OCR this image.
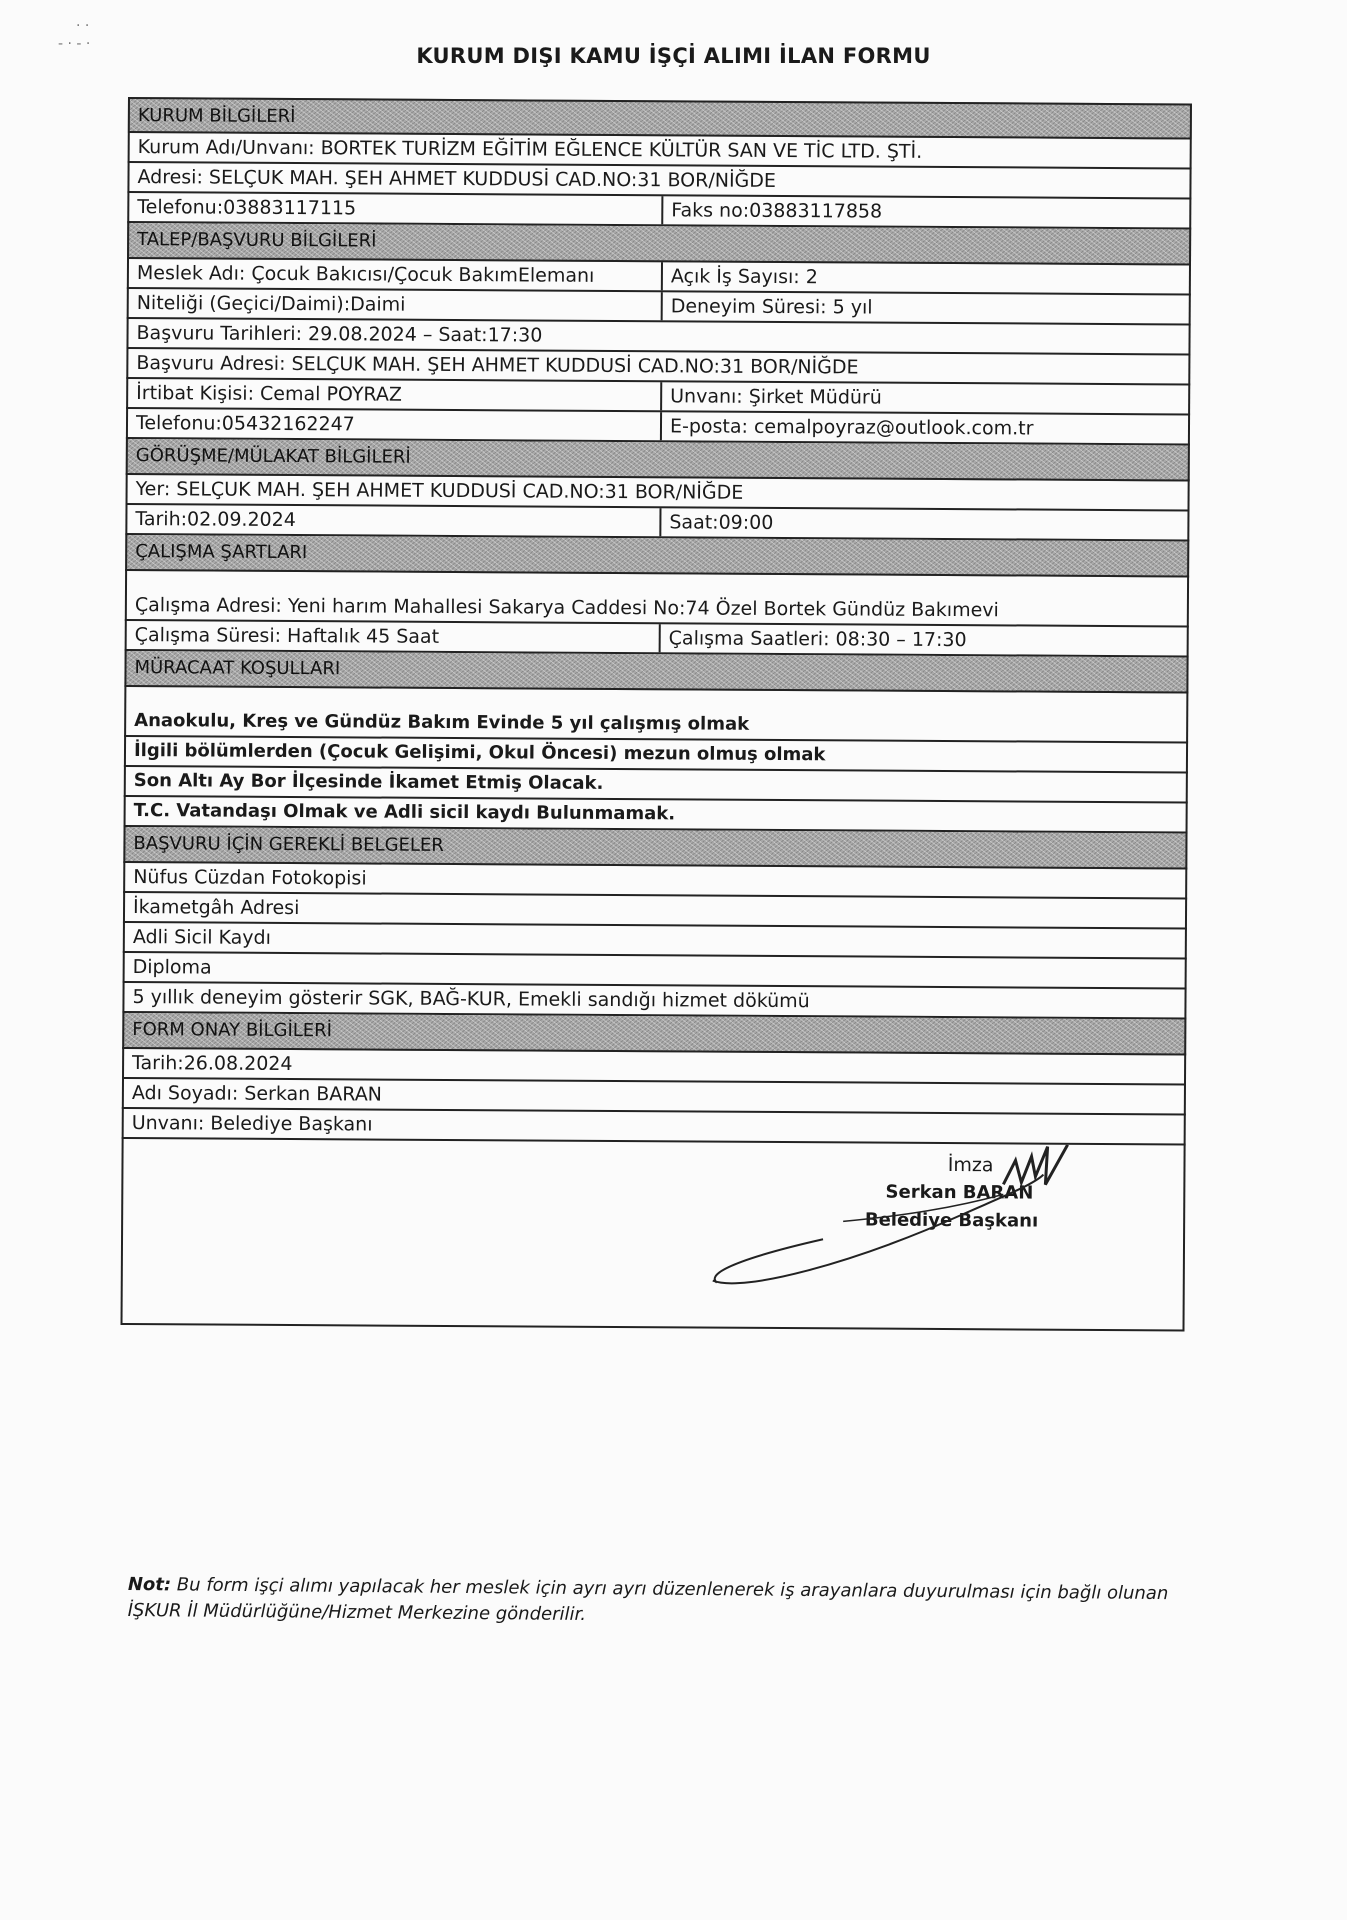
· ·
- · - ·	KURUM DIŞI KAMU İŞÇİ ALIMI İLAN FORMU
KURUM BİLGİLERİ
Kurum Adı/Unvanı: BORTEK TURİZM EĞİTİM EĞLENCE KÜLTÜR SAN VE TİC LTD. ŞTİ.
Adresi: SELÇUK MAH. ŞEH AHMET KUDDUSİ CAD.NO:31 BOR/NİĞDE
Telefonu:03883117115	Faks no:03883117858
TALEP/BAŞVURU BİLGİLERİ
Meslek Adı: Çocuk Bakıcısı/Çocuk BakımElemanı	Açık İş Sayısı: 2
Niteliği (Geçici/Daimi):Daimi	Deneyim Süresi: 5 yıl
Başvuru Tarihleri: 29.08.2024 – Saat:17:30
Başvuru Adresi: SELÇUK MAH. ŞEH AHMET KUDDUSİ CAD.NO:31 BOR/NİĞDE
İrtibat Kişisi: Cemal POYRAZ	Unvanı: Şirket Müdürü
Telefonu:05432162247	E-posta: cemalpoyraz@outlook.com.tr
GÖRÜŞME/MÜLAKAT BİLGİLERİ
Yer: SELÇUK MAH. ŞEH AHMET KUDDUSİ CAD.NO:31 BOR/NİĞDE
Tarih:02.09.2024	Saat:09:00
ÇALIŞMA ŞARTLARI
Çalışma Adresi: Yeni harım Mahallesi Sakarya Caddesi No:74 Özel Bortek Gündüz Bakımevi
Çalışma Süresi: Haftalık 45 Saat	Çalışma Saatleri: 08:30 – 17:30
MÜRACAAT KOŞULLARI
Anaokulu, Kreş ve Gündüz Bakım Evinde 5 yıl çalışmış olmak
İlgili bölümlerden (Çocuk Gelişimi, Okul Öncesi) mezun olmuş olmak
Son Altı Ay Bor İlçesinde İkamet Etmiş Olacak.
T.C. Vatandaşı Olmak ve Adli sicil kaydı Bulunmamak.
BAŞVURU İÇİN GEREKLİ BELGELER
Nüfus Cüzdan Fotokopisi
İkametgâh Adresi
Adli Sicil Kaydı
Diploma
5 yıllık deneyim gösterir SGK, BAĞ-KUR, Emekli sandığı hizmet dökümü
FORM ONAY BİLGİLERİ
Tarih:26.08.2024
Adı Soyadı: Serkan BARAN
Unvanı: Belediye Başkanı
İmza
Serkan BARAN
Belediye Başkanı
Not: Bu form işçi alımı yapılacak her meslek için ayrı ayrı düzenlenerek iş arayanlara duyurulması için bağlı olunan İŞKUR İl Müdürlüğüne/Hizmet Merkezine gönderilir.
